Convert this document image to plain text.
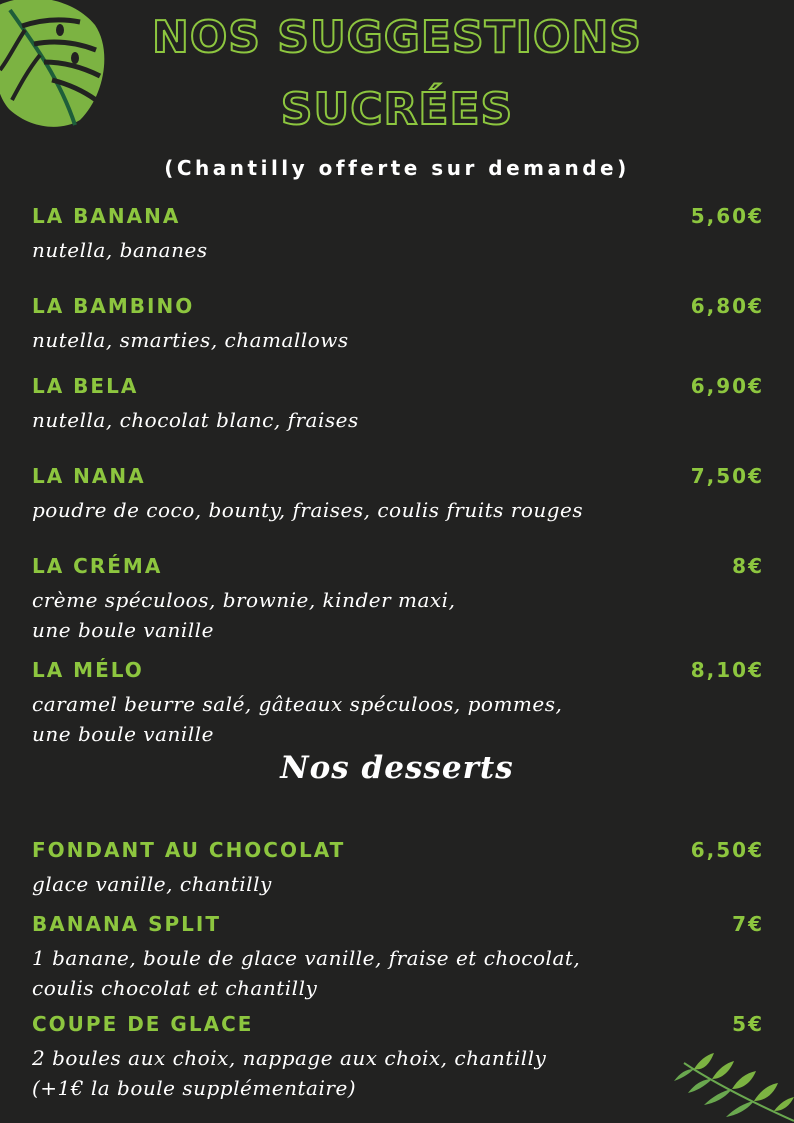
NOS SUGGESTIONS
SUCRÉES
(Chantilly offerte sur demande)
LA BANANA	5,60€
nutella, bananes
LA BAMBINO	6,80€
nutella, smarties, chamallows
LA BELA	6,90€
nutella, chocolat blanc, fraises
LA NANA	7,50€
poudre de coco, bounty, fraises, coulis fruits rouges
LA CRÉMA	8€
crème spéculoos, brownie, kinder maxi,
une boule vanille
LA MÉLO	8,10€
caramel beurre salé, gâteaux spéculoos, pommes,
une boule vanille
Nos desserts
FONDANT AU CHOCOLAT	6,50€
glace vanille, chantilly
BANANA SPLIT	7€
1 banane, boule de glace vanille, fraise et chocolat,
coulis chocolat et chantilly
COUPE DE GLACE	5€
2 boules aux choix, nappage aux choix, chantilly
(+1€ la boule supplémentaire)
